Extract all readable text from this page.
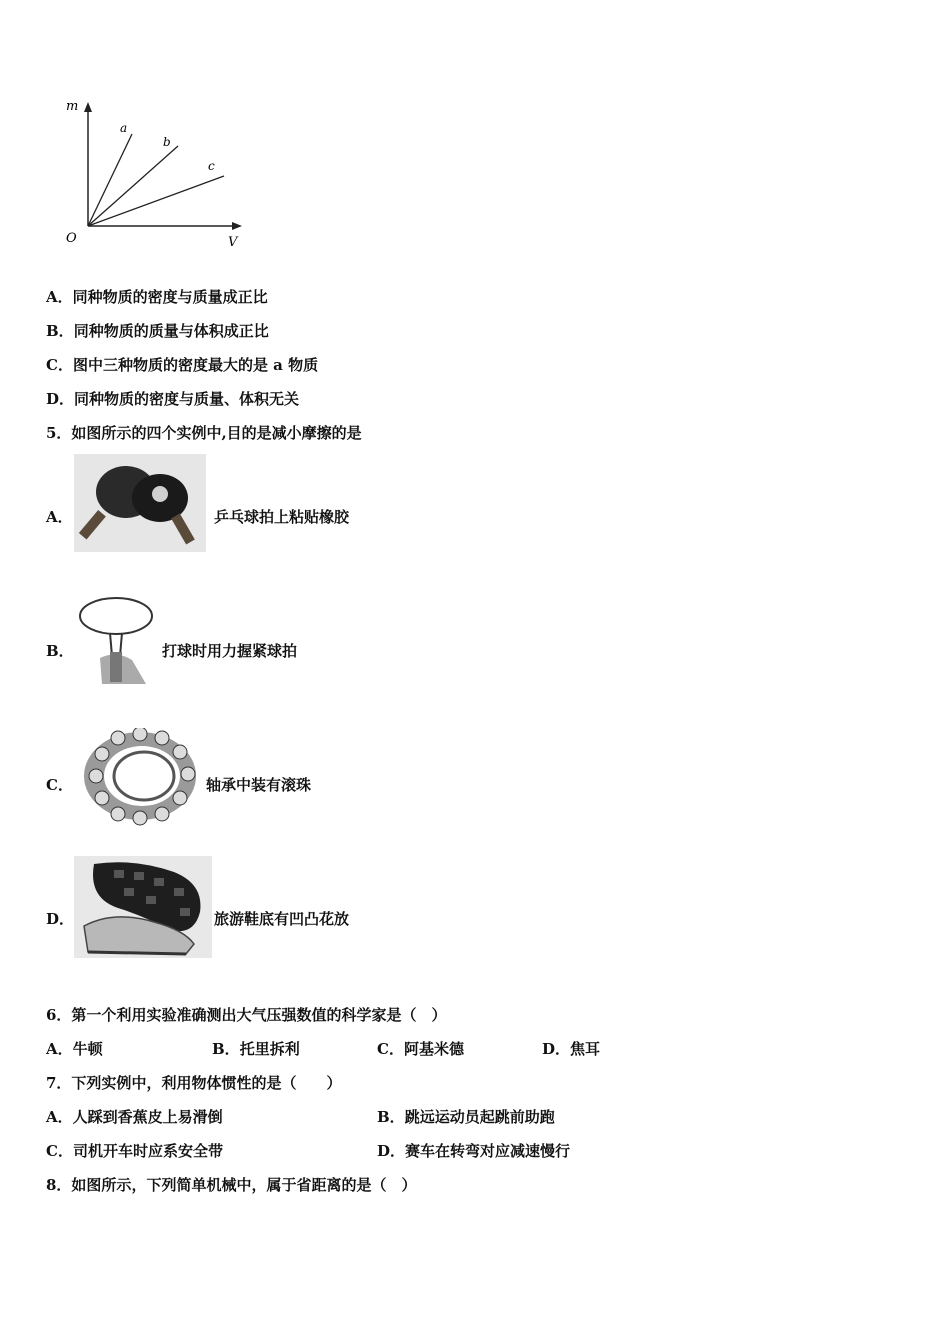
m
V
O
a
b
c
A．同种物质的密度与质量成正比
B．同种物质的质量与体积成正比
C．图中三种物质的密度最大的是 a 物质
D．同种物质的密度与质量、体积无关
5．如图所示的四个实例中,目的是减小摩擦的是
A．	乒乓球拍上粘贴橡胶
B．	打球时用力握紧球拍
C．	轴承中装有滚珠
D．	旅游鞋底有凹凸花放
6．第一个利用实验准确测出大气压强数值的科学家是（　）
A．牛顿	B．托里拆利	C．阿基米德	D．焦耳
7．下列实例中，利用物体惯性的是（　　）
A．人踩到香蕉皮上易滑倒	B．跳远运动员起跳前助跑
C．司机开车时应系安全带	D．赛车在转弯对应减速慢行
8．如图所示，下列简单机械中，属于省距离的是（　）
